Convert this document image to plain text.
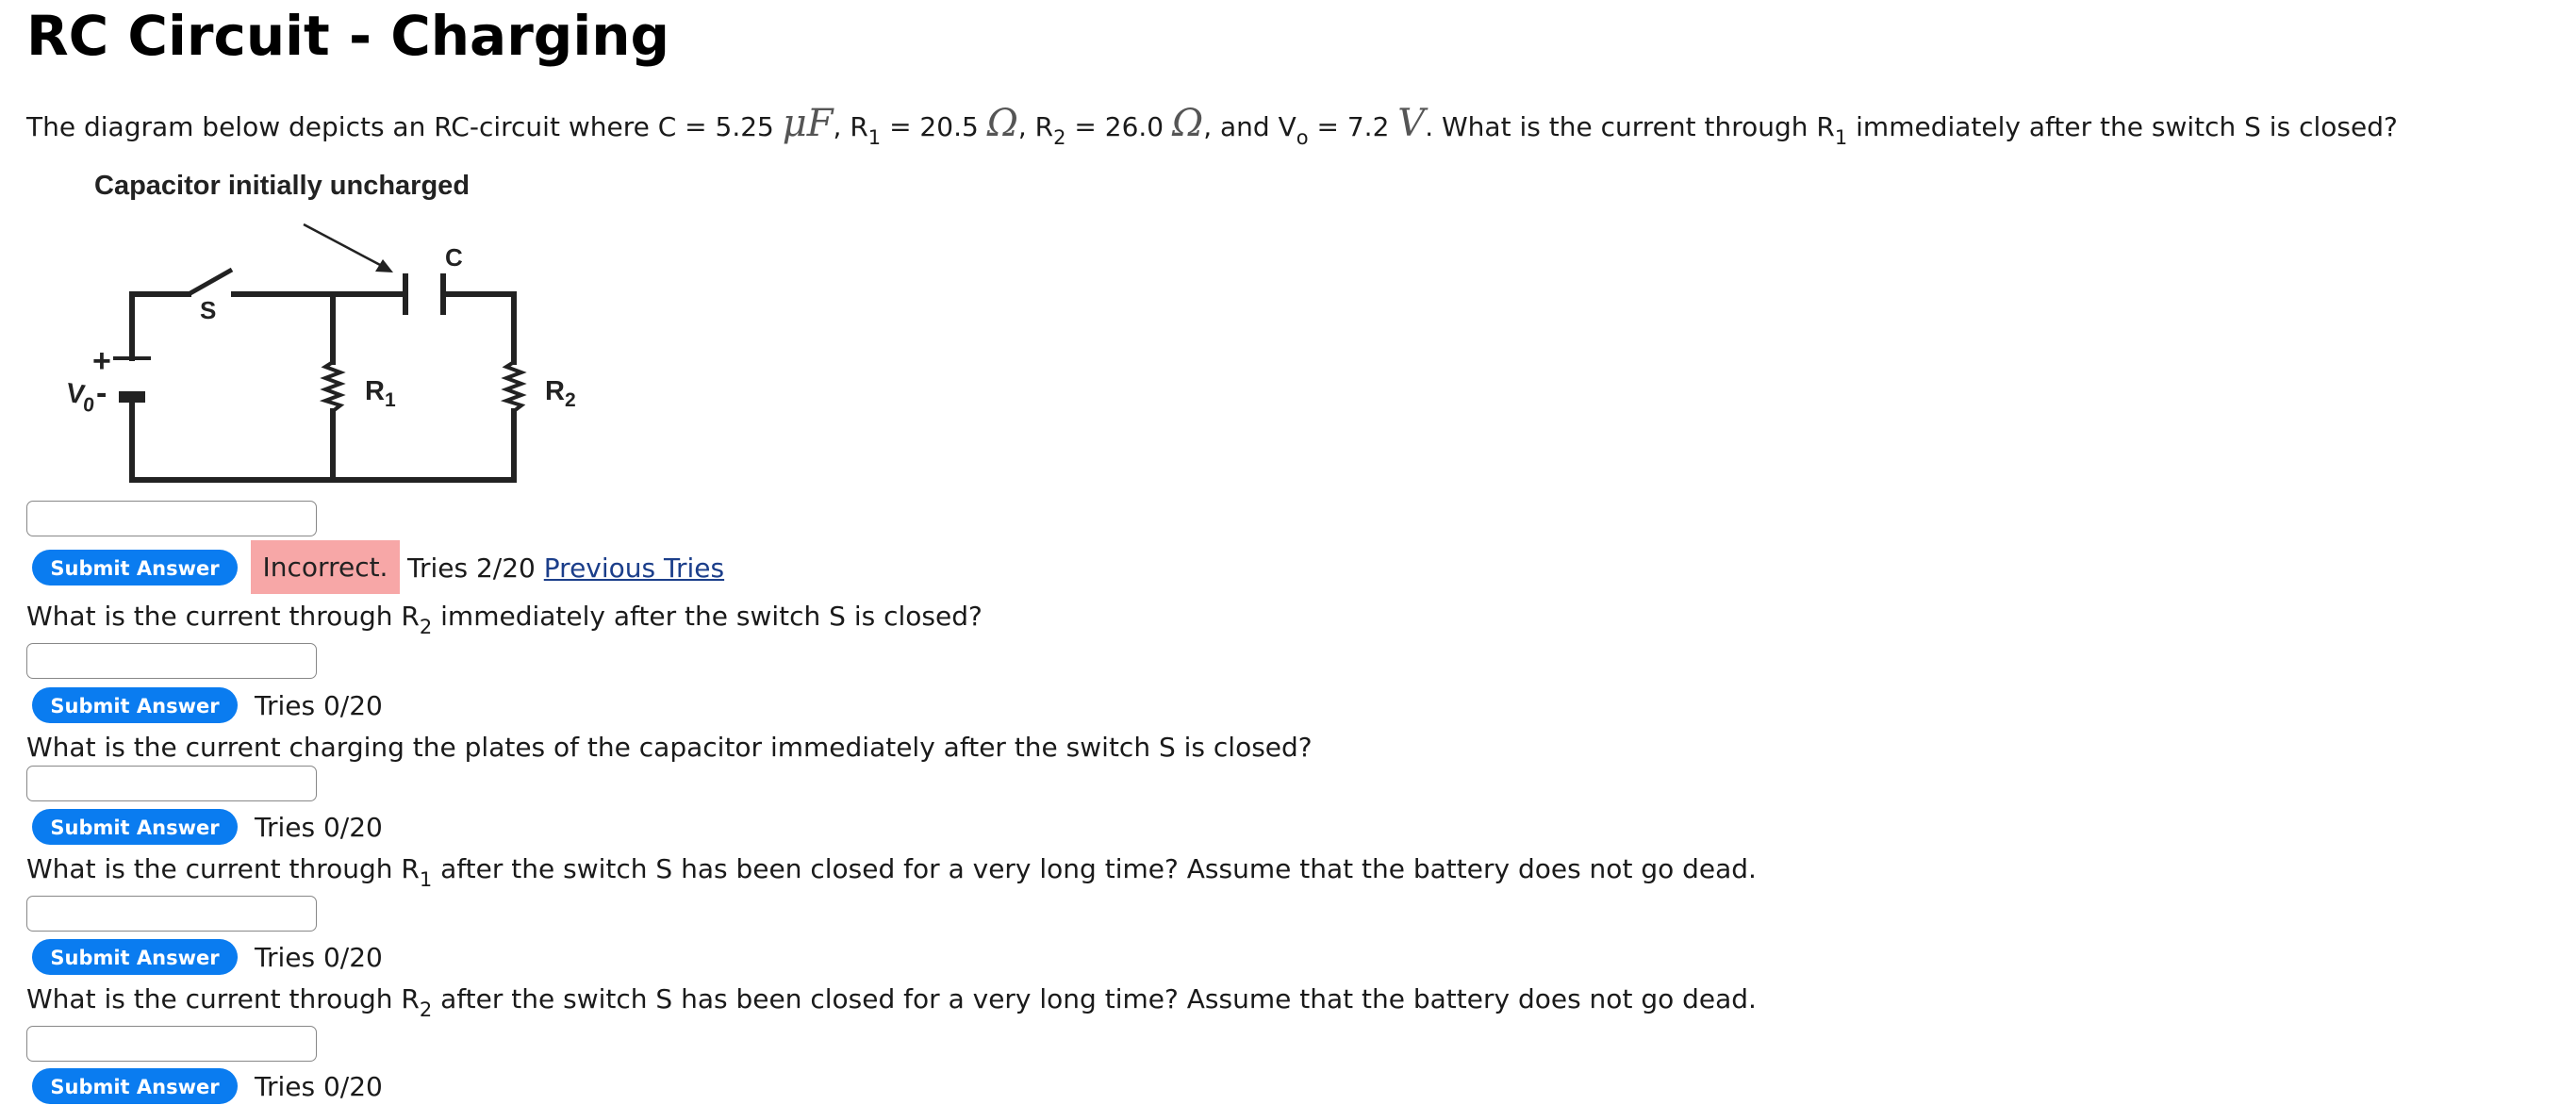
RC Circuit - Charging
The diagram below depicts an RC-circuit where C = 5.25 μF, $R_1 = 20.5$ Ω, $R_2 = 26.0$ Ω, and $V_o = 7.2$ V. What is the current through $R_1$ immediately after the switch S is closed?
Capacitor initially uncharged
S
C
$R_1$	$R_2$
$V_0$
+
-
Submit Answer	Incorrect. Tries 2/20 Previous Tries
What is the current through $R_2$ immediately after the switch S is closed?
Submit Answer	Tries 0/20
What is the current charging the plates of the capacitor immediately after the switch S is closed?
Submit Answer	Tries 0/20
What is the current through $R_1$ after the switch S has been closed for a very long time? Assume that the battery does not go dead.
Submit Answer	Tries 0/20
What is the current through $R_2$ after the switch S has been closed for a very long time? Assume that the battery does not go dead.
Submit Answer	Tries 0/20
